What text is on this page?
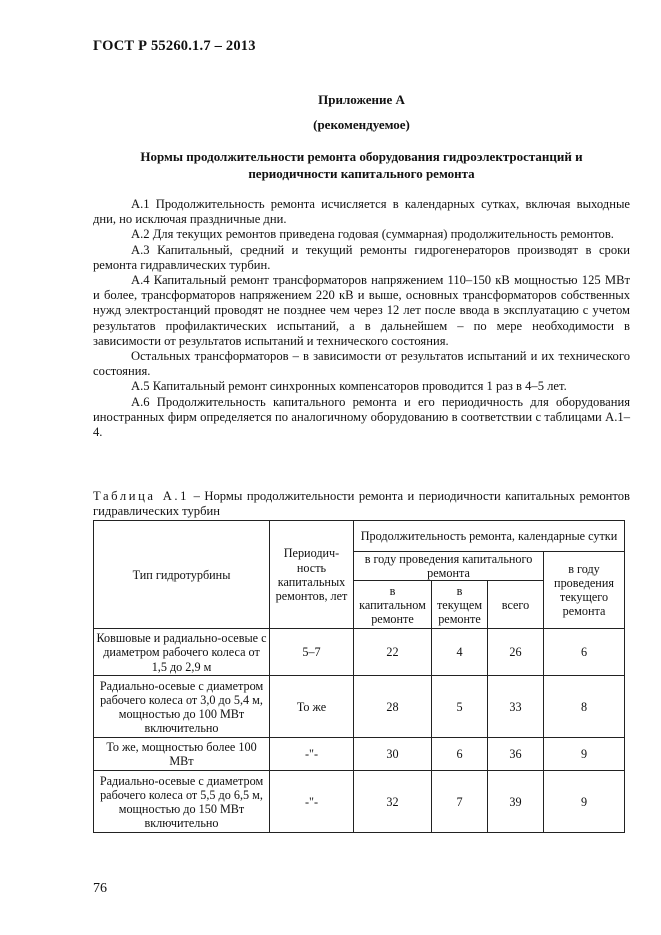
ГОСТ Р 55260.1.7 – 2013
Приложение А
(рекомендуемое)
Нормы продолжительности ремонта оборудования гидроэлектростанций и
периодичности капитального ремонта

А.1 Продолжительность ремонта исчисляется в календарных сутках, включая выходные дни, но исключая праздничные дни.

А.2 Для текущих ремонтов приведена годовая (суммарная) продолжительность ремонтов.

А.3 Капитальный, средний и текущий ремонты гидрогенераторов производят в сроки ремонта гидравлических турбин.

А.4 Капитальный ремонт трансформаторов напряжением 110–150 кВ мощностью 125 МВт и более, трансформаторов напряжением 220 кВ и выше, основных трансформаторов собственных нужд электростанций проводят не позднее чем через 12 лет после ввода в эксплуатацию с учетом результатов профилактических испытаний, а в дальнейшем – по мере необходимости в зависимости от результатов испытаний и технического состояния.

Остальных трансформаторов – в зависимости от результатов испытаний и их технического состояния.

А.5 Капитальный ремонт синхронных компенсаторов проводится 1 раз в 4–5 лет.

А.6 Продолжительность капитального ремонта и его периодичность для оборудования иностранных фирм определяется по аналогичному оборудованию в соответствии с таблицами А.1–4.

Таблица А.1 – Нормы продолжительности ремонта и периодичности капитальных ремонтов гидравлических турбин
Тип гидротурбины	Периодич-ность капитальных ремонтов, лет	Продолжительность ремонта, календарные сутки			
		в году проведения капитального ремонта			в году проведения текущего ремонта
		в капитальном ремонте	в текущем ремонте	всего	
Ковшовые и радиально-осевые с диаметром рабочего колеса от 1,5 до 2,9 м	5–7	22	4	26	6
Радиально-осевые с диаметром рабочего колеса от 3,0 до 5,4 м, мощностью до 100 МВт включительно	То же	28	5	33	8
То же, мощностью более 100 МВт	-"-	30	6	36	9
Радиально-осевые с диаметром рабочего колеса от 5,5 до 6,5 м, мощностью до 150 МВт включительно	-"-	32	7	39	9
76
